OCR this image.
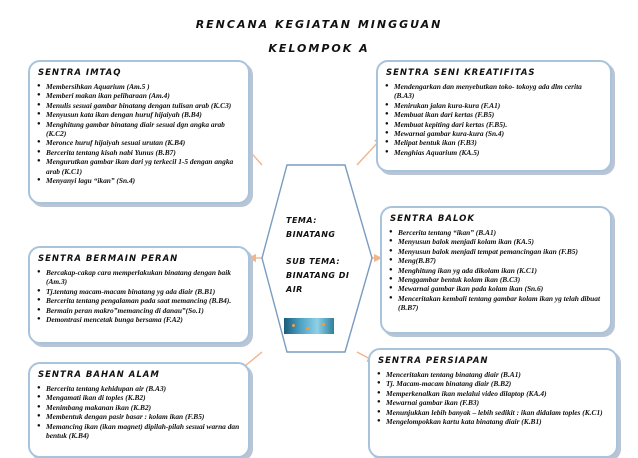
RENCANA KEGIATAN MINGGUAN
KELOMPOK A
TEMA:
BINATANG
SUB TEMA:
BINATANG DI
AIR
SENTRA IMTAQ
● Membersihkan Aquarium (Am.5 )
● Memberi makan ikan peliharaan (Am.4)
● Menulis sesuai gambar binatang dengan tulisan arab (K.C3)
● Menyusun kata ikan dengan huruf hijaiyah (B.B4)
● Menghitung gambar binatang diair sesuai dgn angka arab (K.C2)
● Meronce huruf hijaiyah sesuai urutan (K.B4)
● Bercerita tentang kisah nabi Yunus (B.B7)
● Mengurutkan gambar ikan dari yg terkecil 1-5 dengan angka arab (K.C1)
● Menyanyi lagu “ikan” (Sn.4)
SENTRA SENI KREATIFITAS
● Mendengarkan dan menyebutkan toko- tokoyg ada dlm cerita (B.A3)
● Menirukan jalan kura-kura (F.A1)
● Membuat ikan dari kertas (F.B5)
● Membuat kepiting dari kertas (F.B5).
● Mewarnai gambar kura-kura (Sn.4)
● Melipat bentuk ikan (F.B3)
● Menghias Aquarium (KA.5)
SENTRA BALOK
● Bercerita tentang “ikan” (B.A1)
● Menyusun balok menjadi kolam ikan (KA.5)
● Menyusun balok menjadi tempat pemancingan ikan (F.B5)
● Meng(B.B7)
● Menghitung ikan yg ada dikolam ikan (K.C1)
● Menggambar bentuk kolam ikan (B.C3)
● Mewarnai gambar ikan pada kolam ikan (Sn.6)
● Menceritakan kembali tentang gambar kolam ikan yg telah dibuat (B.B7)
SENTRA BERMAIN PERAN
● Bercakap-cakap cara memperlakukan binatang dengan baik (Am.3)
● Tj.tentang macam-macam binatang yg ada diair (B.B1)
● Bercerita tentang pengalaman pada saat memancing (B.B4).
● Bermain peran makro”memancing di danau”(So.1)
● Demontrasi mencetak bunga bersama (F.A2)
SENTRA BAHAN ALAM
● Bercerita tentang kehidupan air (B.A3)
● Mengamati ikan di toples (K.B2)
● Menimbang makanan ikan (K.B2)
● Membentuk dengan pasir basar : kolam ikan (F.B5)
● Memancing ikan (ikan magnet) dipilah-pilah sesuai warna dan bentuk (K.B4)
SENTRA PERSIAPAN
● Menceritakan tentang binatang diair (B.A1)
● Tj. Macam-macam binatang diair (B.B2)
● Memperkenalkan ikan melalui video dilaptop (KA.4)
● Mewarnai gambar ikan (F.B3)
● Menunjukkan lebih banyak – lebih sedikit : ikan didalam toples (K.C1)
● Mengelompokkan kartu kata binatang diair (K.B1)
